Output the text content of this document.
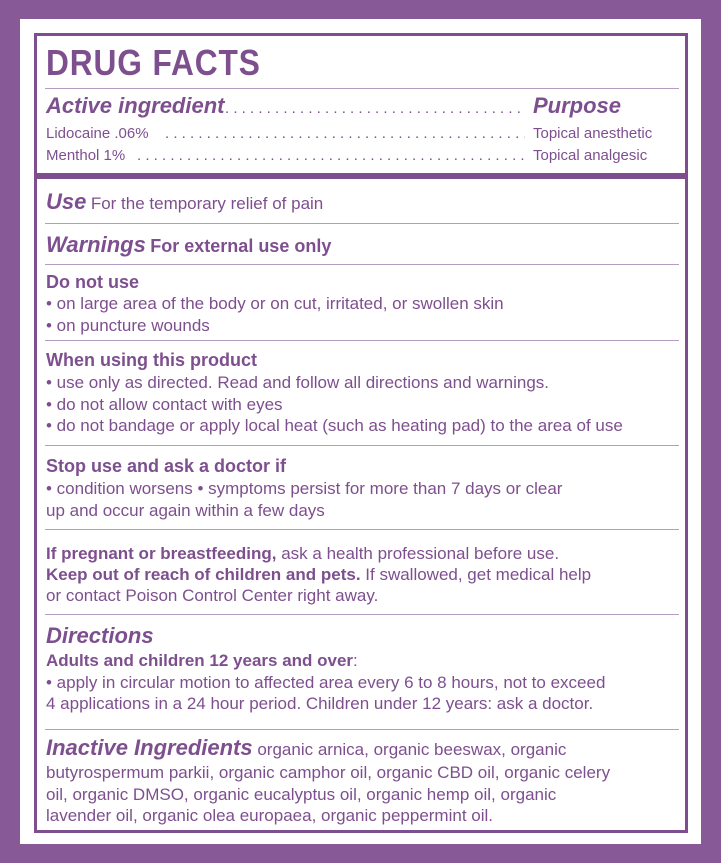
DRUG FACTS
Active ingredient . . .	Purpose
Lidocaine .06% . . .	Topical anesthetic
Menthol 1% . . .	Topical analgesic
Use For the temporary relief of pain
Warnings For external use only
Do not use
• on large area of the body or on cut, irritated, or swollen skin
• on puncture wounds
When using this product
• use only as directed. Read and follow all directions and warnings.
• do not allow contact with eyes
• do not bandage or apply local heat (such as heating pad) to the area of use
Stop use and ask a doctor if
• condition worsens • symptoms persist for more than 7 days or clear
up and occur again within a few days
If pregnant or breastfeeding, ask a health professional before use.
Keep out of reach of children and pets. If swallowed, get medical help
or contact Poison Control Center right away.
Directions
Adults and children 12 years and over:
• apply in circular motion to affected area every 6 to 8 hours, not to exceed
4 applications in a 24 hour period. Children under 12 years: ask a doctor.
Inactive Ingredients organic arnica, organic beeswax, organic
butyrospermum parkii, organic camphor oil, organic CBD oil, organic celery
oil, organic DMSO, organic eucalyptus oil, organic hemp oil, organic
lavender oil, organic olea europaea, organic peppermint oil.
